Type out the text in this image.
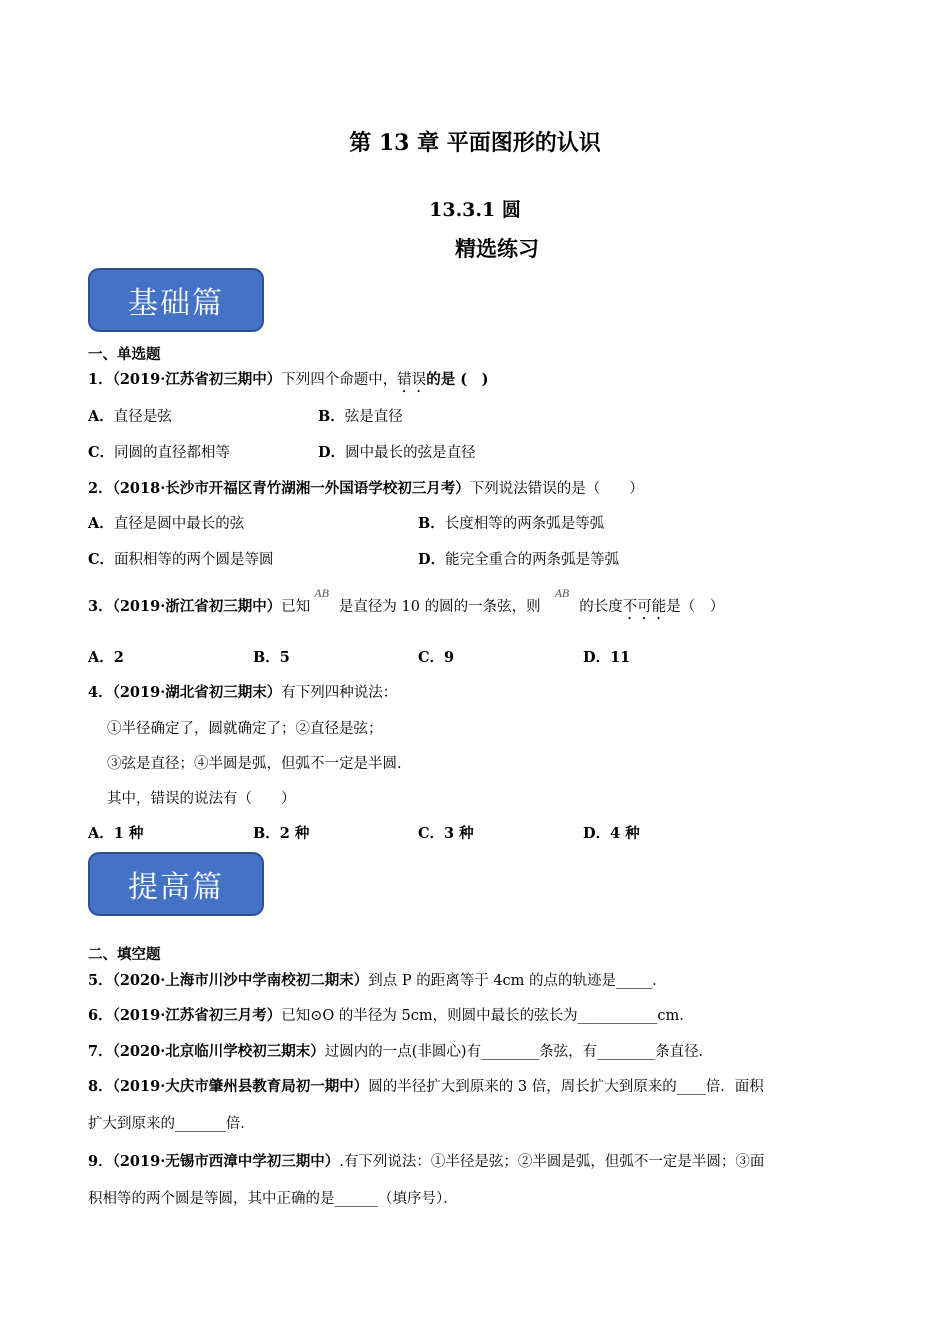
第 13 章 平面图形的认识
13.3.1 圆
精选练习
基础篇
一、单选题
1．（2019·江苏省初三期中）下列四个命题中，错误的是 (　)
A．直径是弦	B．弦是直径
C．同圆的直径都相等	D．圆中最长的弦是直径
2．（2018·长沙市开福区青竹湖湘一外国语学校初三月考）下列说法错误的是（　　）
A．直径是圆中最长的弦	B．长度相等的两条弧是等弧
C．面积相等的两个圆是等圆	D．能完全重合的两条弧是等弧
3．（2019·浙江省初三期中）已知$^{AB}$是直径为 10 的圆的一条弦，则$^{AB}$的长度不可能是（　）
A．2	B．5	C．9	D．11
4．（2019·湖北省初三期末）有下列四种说法：
①半径确定了，圆就确定了；②直径是弦；
③弦是直径；④半圆是弧，但弧不一定是半圆．
其中，错误的说法有（　　）
A．1 种	B．2 种	C．3 种	D．4 种
提高篇
二、填空题
5．（2020·上海市川沙中学南校初二期末）到点 P 的距离等于 4cm 的点的轨迹是_____．
6．（2019·江苏省初三月考）已知⊙O 的半径为 5cm，则圆中最长的弦长为___________cm．
7．（2020·北京临川学校初三期末）过圆内的一点(非圆心)有________条弦，有________条直径．
8．（2019·大庆市肇州县教育局初一期中）圆的半径扩大到原来的 3 倍，周长扩大到原来的____倍．面积
扩大到原来的_______倍．
9．（2019·无锡市西漳中学初三期中）.有下列说法：①半径是弦；②半圆是弧，但弧不一定是半圆；③面
积相等的两个圆是等圆，其中正确的是______（填序号）．
